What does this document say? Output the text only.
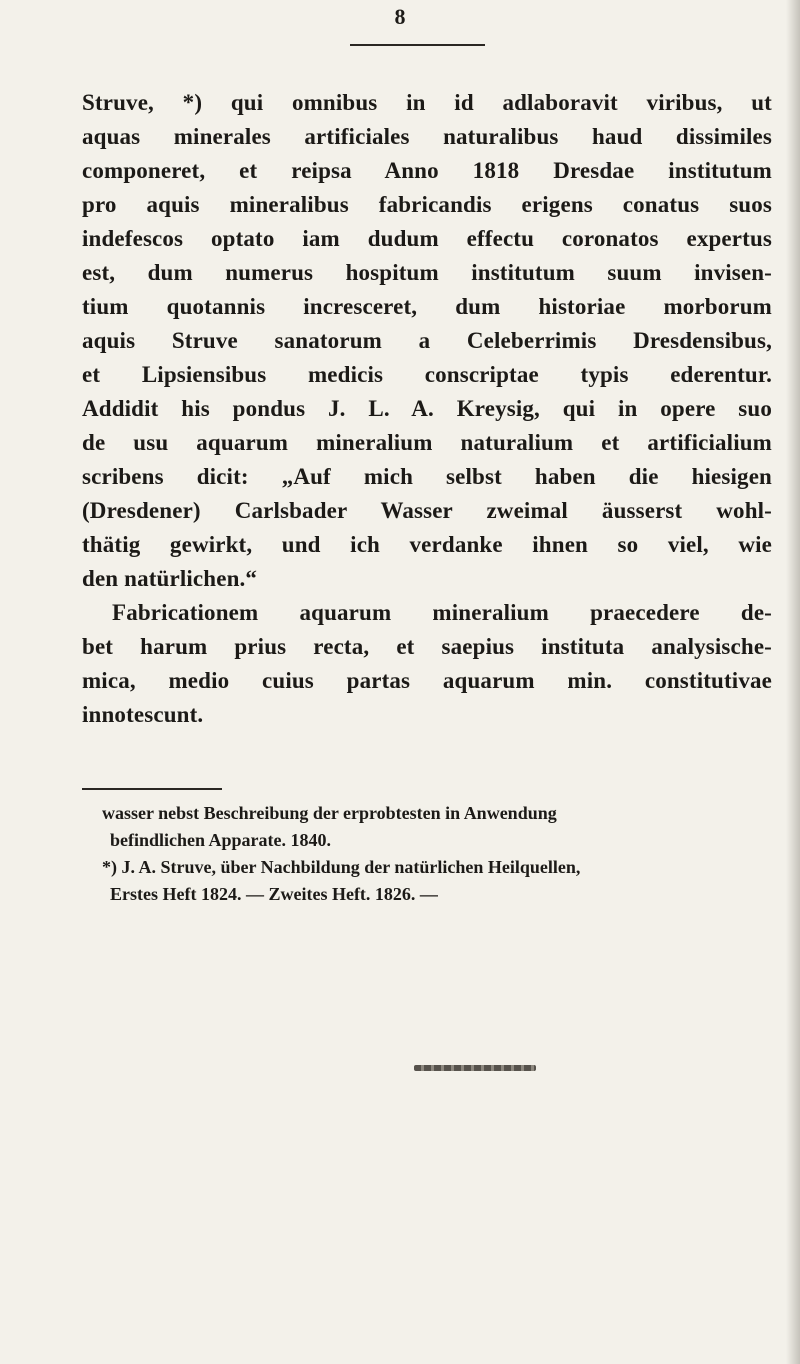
8
Struve, *) qui omnibus in id adlaboravit viribus, ut
aquas minerales artificiales naturalibus haud dissimiles
componeret, et reipsa Anno 1818 Dresdae institutum
pro aquis mineralibus fabricandis erigens conatus suos
indefescos optato iam dudum effectu coronatos expertus
est, dum numerus hospitum institutum suum invisen-
tium quotannis incresceret, dum historiae morborum
aquis Struve sanatorum a Celeberrimis Dresdensibus,
et Lipsiensibus medicis conscriptae typis ederentur.
Addidit his pondus J. L. A. Kreysig, qui in opere suo
de usu aquarum mineralium naturalium et artificialium
scribens dicit: „Auf mich selbst haben die hiesigen
(Dresdener) Carlsbader Wasser zweimal äusserst wohl-
thätig gewirkt, und ich verdanke ihnen so viel, wie
den natürlichen.“
Fabricationem aquarum mineralium praecedere de-
bet harum prius recta, et saepius instituta analysische-
mica, medio cuius partas aquarum min. constitutivae
innotescunt.
wasser nebst Beschreibung der erprobtesten in Anwendung
befindlichen Apparate. 1840.
*) J. A. Struve, über Nachbildung der natürlichen Heilquellen,
Erstes Heft 1824. — Zweites Heft. 1826. —
